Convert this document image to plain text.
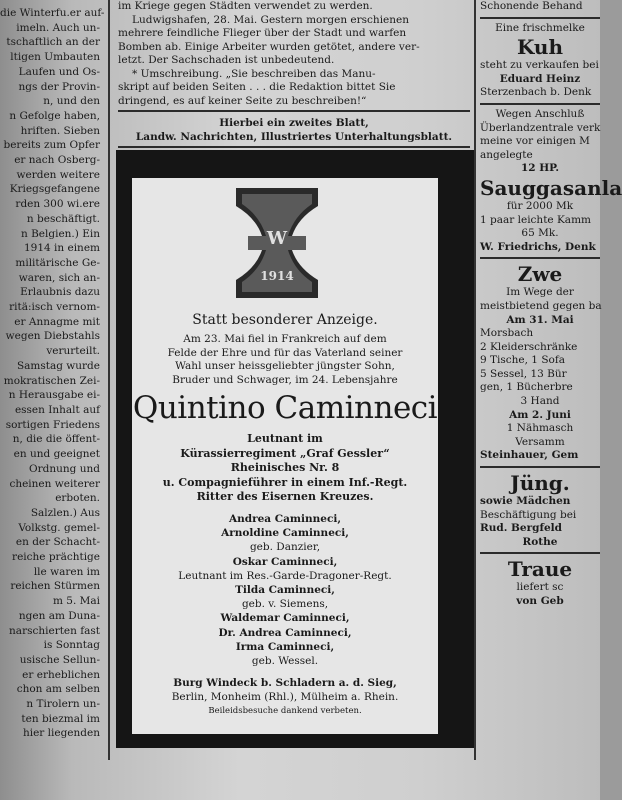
die Winterfu.er auf-
imeln. Auch un-
tschaftlich an der
ltigen Umbauten
Laufen und Os-
ngs der Provin-
n, und den
n Gefolge haben,
hriften. Sieben
bereits zum Opfer
er nach Osberg-
werden weitere
Kriegsgefangene
rden 300 wi.ere
n beschäftigt.
n Belgien.) Ein
1914 in einem
militärische Ge-
waren, sich an-
Erlaubnis dazu
ritä:isch vernom-
er Annagme mit
wegen Diebstahls
verurteilt.
Samstag wurde
mokratischen Zei-
n Herausgabe ei-
essen Inhalt auf
sortigen Friedens
n, die die öffent-
en und geeignet
Ordnung und
cheinen weiterer
erboten.
Salzlen.) Aus
Volkstg. gemel-
en der Schacht-
reiche prächtige
lle waren im
reichen Stürmen
m 5. Mai
ngen am Duna-
narschierten fast
is Sonntag
usische Sellun-
er erheblichen
chon am selben
n Tirolern un-
ten biezmal im
hier liegenden
im Kriege gegen Städten verwendet zu werden.
Ludwigshafen, 28. Mai. Gestern morgen erschienen
mehrere feindliche Flieger über der Stadt und warfen
Bomben ab. Einige Arbeiter wurden getötet, andere ver-
letzt. Der Sachschaden ist unbedeutend.
* Umschreibung. „Sie beschreiben das Manu-
skript auf beiden Seiten . . . die Redaktion bittet Sie
dringend, es auf keiner Seite zu beschreiben!“
Hierbei ein zweites Blatt,
Landw. Nachrichten, Illustriertes Unterhaltungsblatt.
W
1914
Statt besonderer Anzeige.
Am 23. Mai fiel in Frankreich auf dem
Felde der Ehre und für das Vaterland seiner
Wahl unser heissgeliebter jüngster Sohn,
Bruder und Schwager, im 24. Lebensjahre
Quintino Caminneci
Leutnant im
Kürassierregiment „Graf Gessler“
Rheinisches Nr. 8
u. Compagnieführer in einem Inf.-Regt.
Ritter des Eisernen Kreuzes.
Andrea Caminneci,
Arnoldine Caminneci,
geb. Danzier,
Oskar Caminneci,
Leutnant im Res.-Garde-Dragoner-Regt.
Tilda Caminneci,
geb. v. Siemens,
Waldemar Caminneci,
Dr. Andrea Caminneci,
Irma Caminneci,
geb. Wessel.
Burg Windeck b. Schladern a. d. Sieg,
Berlin, Monheim (Rhl.), Mülheim a. Rhein.
Beileidsbesuche dankend verbeten.
Schonende Behand
Eine frischmelke
Kuh
steht zu verkaufen bei
Eduard Heinz
Sterzenbach b. Denk
Wegen Anschluß
Überlandzentrale verk
meine vor einigen M
angelegte
12 HP.
Sauggasanla
für 2000 Mk
1 paar leichte Kamm
65 Mk.
W. Friedrichs, Denk
Zwe
Im Wege der
meistbietend gegen ba
Am 31. Mai
Morsbach
2 Kleiderschränke
9 Tische, 1 Sofa
5 Sessel, 13 Bür
gen, 1 Bücherbre
3 Hand
Am 2. Juni
1 Nähmasch
Versamm
Steinhauer, Gem
Jüng.
sowie Mädchen
Beschäftigung bei
Rud. Bergfeld
Rothe
Traue
liefert sc
von Geb
